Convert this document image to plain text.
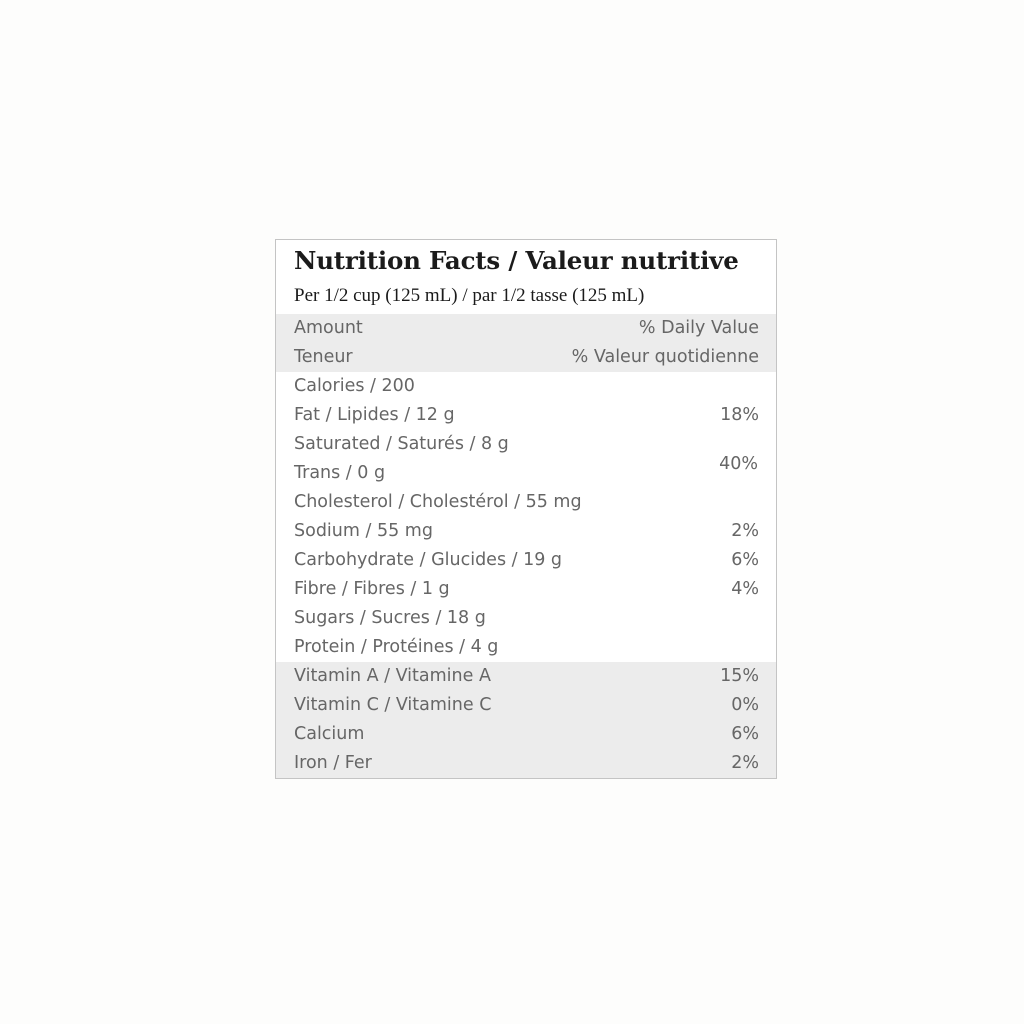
Nutrition Facts / Valeur nutritive
Per 1/2 cup (125 mL) / par 1/2 tasse (125 mL)
Amount	% Daily Value
Teneur	% Valeur quotidienne
Calories / 200
Fat / Lipides / 12 g	18%
Saturated / Saturés / 8 g
Trans / 0 g	40%
Cholesterol / Cholestérol / 55 mg
Sodium / 55 mg	2%
Carbohydrate / Glucides / 19 g	6%
Fibre / Fibres / 1 g	4%
Sugars / Sucres / 18 g
Protein / Protéines / 4 g
Vitamin A / Vitamine A	15%
Vitamin C / Vitamine C	0%
Calcium	6%
Iron / Fer	2%
